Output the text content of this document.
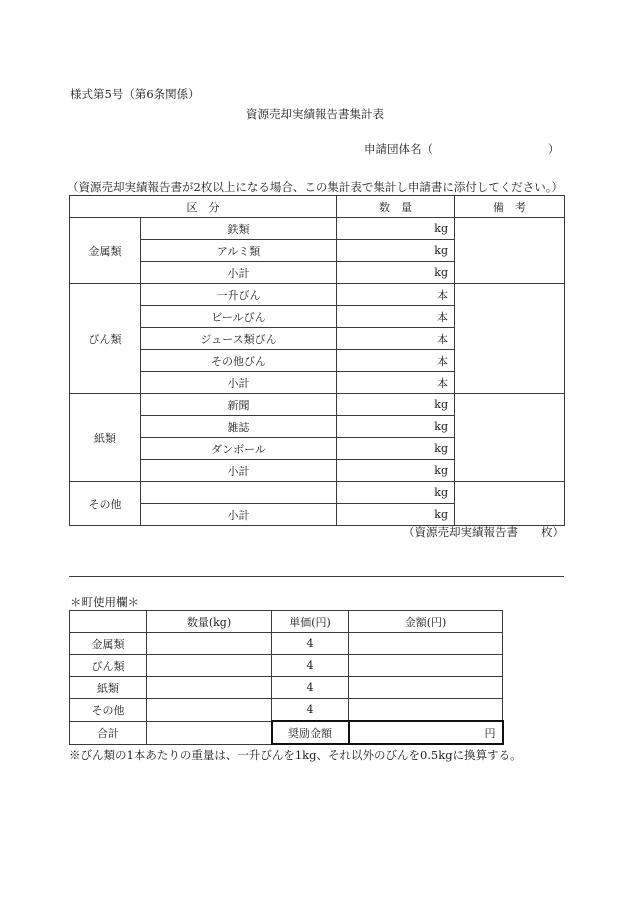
様式第5号（第6条関係）
資源売却実績報告書集計表
申請団体名（	）
（資源売却実績報告書が2枚以上になる場合、この集計表で集計し申請書に添付してください。）
区　分		数　量	備　考
金属類	鉄類	kg	
	アルミ類	kg	
	小計	kg	
びん類	一升びん	本	
	ビールびん	本	
	ジュース類びん	本	
	その他びん	本	
	小計	本	
紙類	新聞	kg	
	雑誌	kg	
	ダンボール	kg	
	小計	kg	
その他		kg	
	小計	kg	
（資源売却実績報告書　　枚）
＊町使用欄＊
	数量(kg)	単価(円)	金額(円)
金属類		4	
びん類		4	
紙類		4	
その他		4	
合計		奨励金額	円
※びん類の1本あたりの重量は、一升びんを1kg、それ以外のびんを0.5kgに換算する。
